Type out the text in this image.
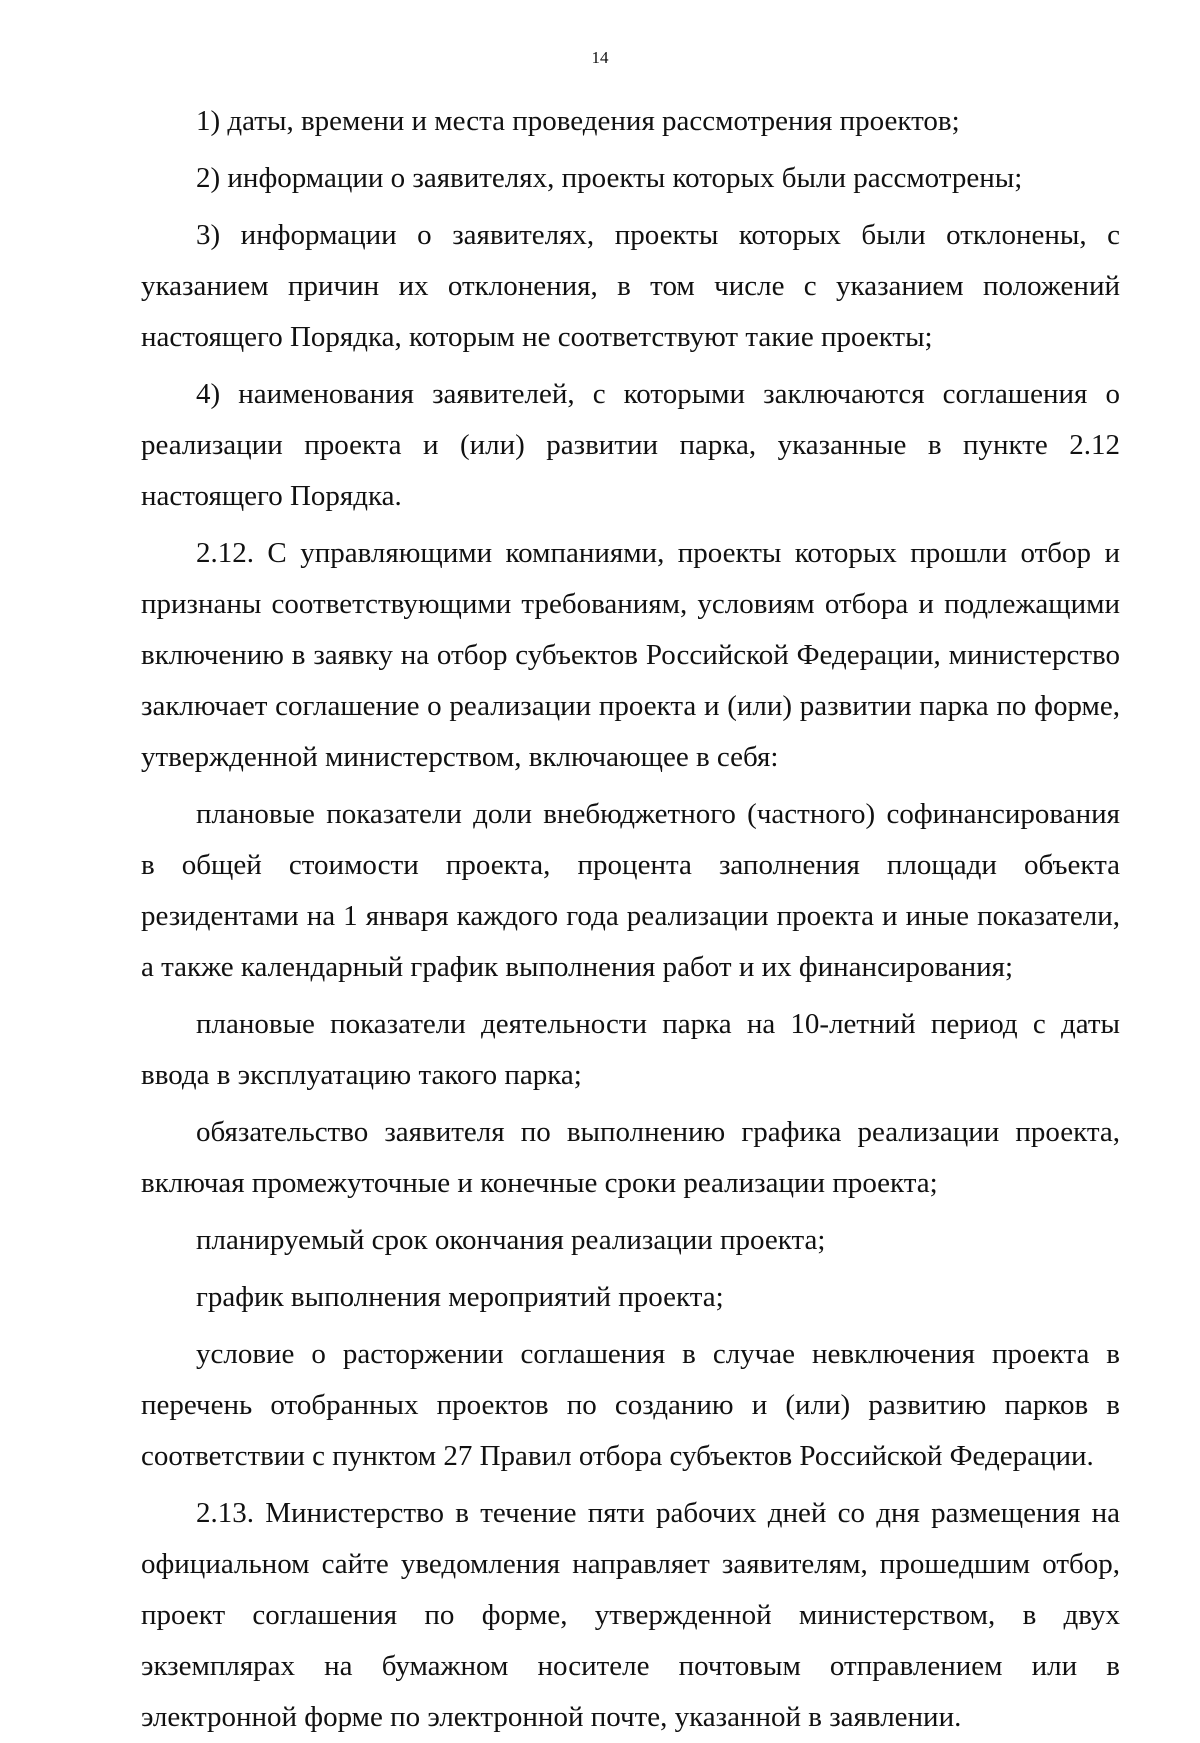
14

1) даты, времени и места проведения рассмотрения проектов;

2) информации о заявителях, проекты которых были рассмотрены;

3) информации о заявителях, проекты которых были отклонены, с указанием причин их отклонения, в том числе с указанием положений настоящего Порядка, которым не соответствуют такие проекты;

4) наименования заявителей, с которыми заключаются соглашения о реализации проекта и (или) развитии парка, указанные в пункте 2.12 настоящего Порядка.

2.12. С управляющими компаниями, проекты которых прошли отбор и признаны соответствующими требованиям, условиям отбора и подлежащими включению в заявку на отбор субъектов Российской Федерации, министерство заключает соглашение о реализации проекта и (или) развитии парка по форме, утвержденной министерством, включающее в себя:

плановые показатели доли внебюджетного (частного) софинансирования в общей стоимости проекта, процента заполнения площади объекта резидентами на 1 января каждого года реализации проекта и иные показатели, а также календарный график выполнения работ и их финансирования;

плановые показатели деятельности парка на 10-летний период с даты ввода в эксплуатацию такого парка;

обязательство заявителя по выполнению графика реализации проекта, включая промежуточные и конечные сроки реализации проекта;

планируемый срок окончания реализации проекта;

график выполнения мероприятий проекта;

условие о расторжении соглашения в случае невключения проекта в перечень отобранных проектов по созданию и (или) развитию парков в соответствии с пунктом 27 Правил отбора субъектов Российской Федерации.

2.13. Министерство в течение пяти рабочих дней со дня размещения на официальном сайте уведомления направляет заявителям, прошедшим отбор, проект соглашения по форме, утвержденной министерством, в двух экземплярах на бумажном носителе почтовым отправлением или в электронной форме по электронной почте, указанной в заявлении.
